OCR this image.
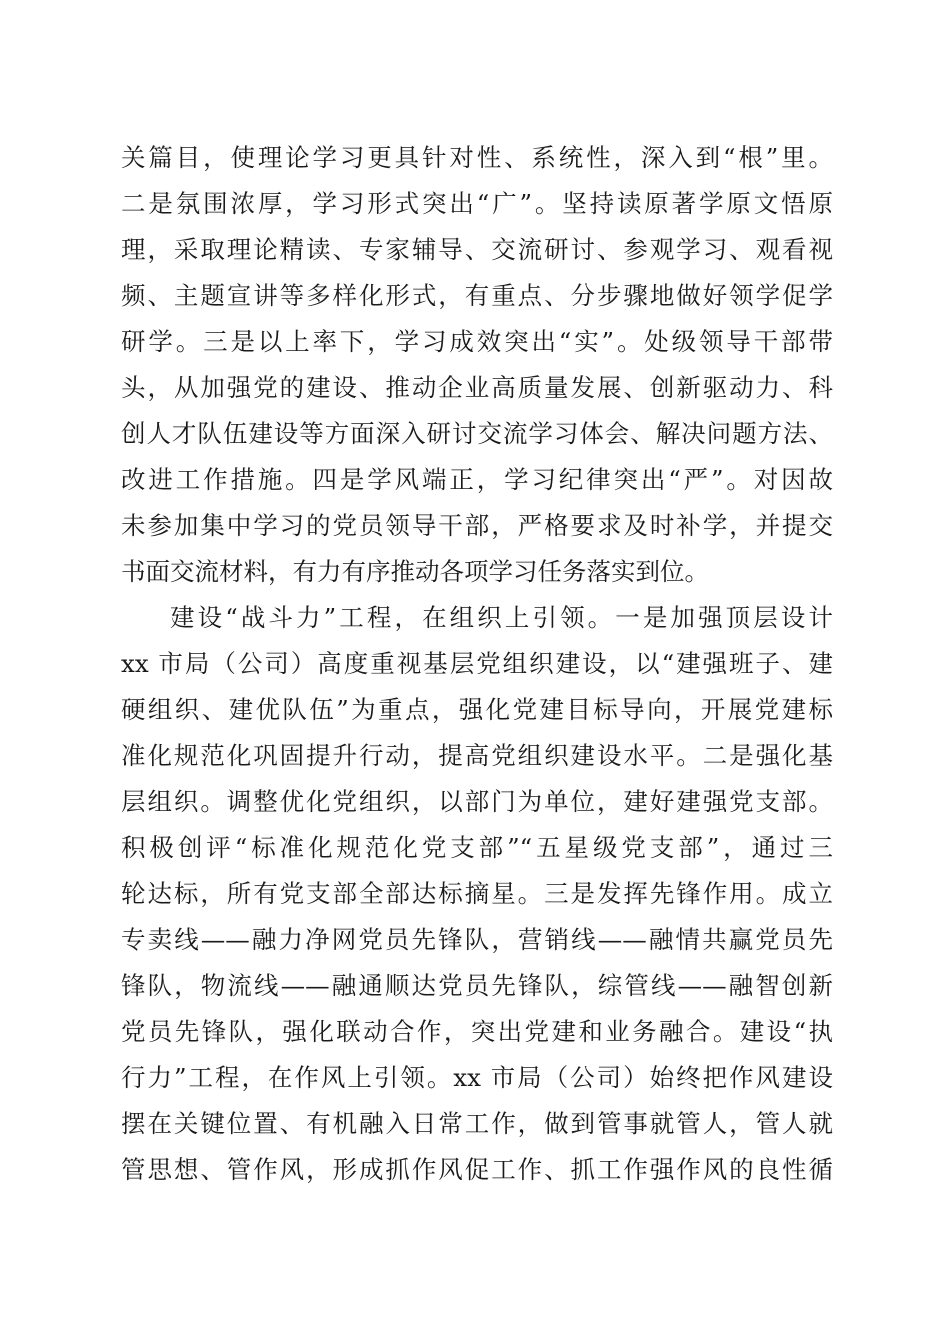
关篇目，使理论学习更具针对性、系统性，深入到“根”里。
二是氛围浓厚，学习形式突出“广”。坚持读原著学原文悟原
理，采取理论精读、专家辅导、交流研讨、参观学习、观看视
频、主题宣讲等多样化形式，有重点、分步骤地做好领学促学
研学。三是以上率下，学习成效突出“实”。处级领导干部带
头，从加强党的建设、推动企业高质量发展、创新驱动力、科
创人才队伍建设等方面深入研讨交流学习体会、解决问题方法、
改进工作措施。四是学风端正，学习纪律突出“严”。对因故
未参加集中学习的党员领导干部，严格要求及时补学，并提交
书面交流材料，有力有序推动各项学习任务落实到位。
建设“战斗力”工程，在组织上引领。一是加强顶层设计
xx 市局（公司）高度重视基层党组织建设，以“建强班子、建
硬组织、建优队伍”为重点，强化党建目标导向，开展党建标
准化规范化巩固提升行动，提高党组织建设水平。二是强化基
层组织。调整优化党组织，以部门为单位，建好建强党支部。
积极创评“标准化规范化党支部”“五星级党支部”，通过三
轮达标，所有党支部全部达标摘星。三是发挥先锋作用。成立
专卖线——融力净网党员先锋队，营销线——融情共赢党员先
锋队，物流线——融通顺达党员先锋队，综管线——融智创新
党员先锋队，强化联动合作，突出党建和业务融合。建设“执
行力”工程，在作风上引领。xx 市局（公司）始终把作风建设
摆在关键位置、有机融入日常工作，做到管事就管人，管人就
管思想、管作风，形成抓作风促工作、抓工作强作风的良性循
